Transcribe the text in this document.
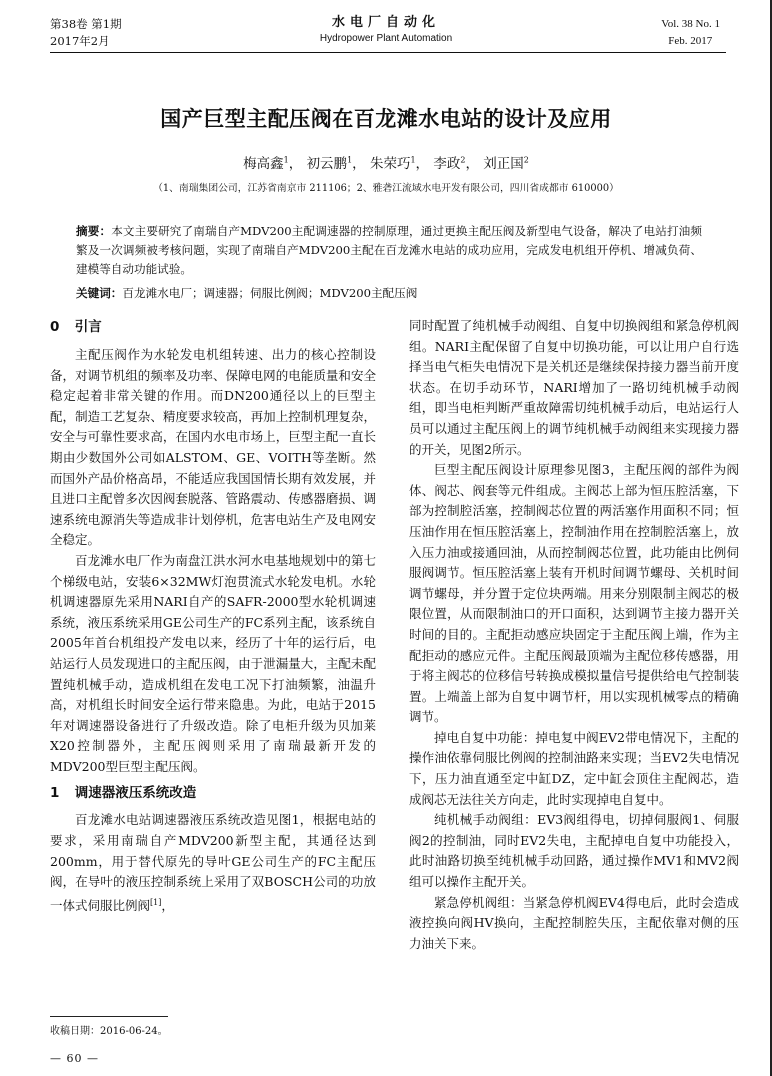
第38卷 第1期
2017年2月
水电厂自动化
Hydropower Plant Automation
Vol. 38 No. 1
Feb. 2017
国产巨型主配压阀在百龙滩水电站的设计及应用
梅高鑫$^1$， 初云鹏$^1$， 朱荣巧$^1$， 李政$^2$， 刘正国$^2$
（1、南瑞集团公司，江苏省南京市 211106；2、雅砻江流域水电开发有限公司，四川省成都市 610000）
摘要：本文主要研究了南瑞自产MDV200主配调速器的控制原理，通过更换主配压阀及新型电气设备，解决了电站打油频繁及一次调频被考核问题，实现了南瑞自产MDV200主配在百龙滩水电站的成功应用，完成发电机组开停机、增减负荷、建模等自动功能试验。
关键词：百龙滩水电厂；调速器；伺服比例阀；MDV200主配压阀
0 引言

主配压阀作为水轮发电机组转速、出力的核心控制设备，对调节机组的频率及功率、保障电网的电能质量和安全稳定起着非常关键的作用。而DN200通径以上的巨型主配，制造工艺复杂、精度要求较高，再加上控制机理复杂，安全与可靠性要求高，在国内水电市场上，巨型主配一直长期由少数国外公司如ALSTOM、GE、VOITH等垄断。然而国外产品价格高昂，不能适应我国国情长期有效发展，并且进口主配曾多次因阀套脱落、管路震动、传感器磨损、调速系统电源消失等造成非计划停机，危害电站生产及电网安全稳定。

百龙滩水电厂作为南盘江洪水河水电基地规划中的第七个梯级电站，安装6×32MW灯泡贯流式水轮发电机。水轮机调速器原先采用NARI自产的SAFR-2000型水轮机调速系统，液压系统采用GE公司生产的FC系列主配，该系统自2005年首台机组投产发电以来，经历了十年的运行后，电站运行人员发现进口的主配压阀，由于泄漏量大，主配未配置纯机械手动，造成机组在发电工况下打油频繁，油温升高，对机组长时间安全运行带来隐患。为此，电站于2015年对调速器设备进行了升级改造。除了电柜升级为贝加莱X20控制器外，主配压阀则采用了南瑞最新开发的MDV200型巨型主配压阀。

1 调速器液压系统改造

百龙滩水电站调速器液压系统改造见图1，根据电站的要求，采用南瑞自产MDV200新型主配，其通径达到200mm，用于替代原先的导叶GE公司生产的FC主配压阀，在导叶的液压控制系统上采用了双BOSCH公司的功放一体式伺服比例阀[1]，

同时配置了纯机械手动阀组、自复中切换阀组和紧急停机阀组。NARI主配保留了自复中切换功能，可以让用户自行选择当电气柜失电情况下是关机还是继续保持接力器当前开度状态。在切手动环节，NARI增加了一路切纯机械手动阀组，即当电柜判断严重故障需切纯机械手动后，电站运行人员可以通过主配压阀上的调节纯机械手动阀组来实现接力器的开关，见图2所示。

巨型主配压阀设计原理参见图3，主配压阀的部件为阀体、阀芯、阀套等元件组成。主阀芯上部为恒压腔活塞，下部为控制腔活塞，控制阀芯位置的两活塞作用面积不同；恒压油作用在恒压腔活塞上，控制油作用在控制腔活塞上，放入压力油或接通回油，从而控制阀芯位置，此功能由比例伺服阀调节。恒压腔活塞上装有开机时间调节螺母、关机时间调节螺母，并分置于定位块两端。用来分别限制主阀芯的极限位置，从而限制油口的开口面积，达到调节主接力器开关时间的目的。主配拒动感应块固定于主配压阀上端，作为主配拒动的感应元件。主配压阀最顶端为主配位移传感器，用于将主阀芯的位移信号转换成模拟量信号提供给电气控制装置。上端盖上部为自复中调节杆，用以实现机械零点的精确调节。

掉电自复中功能：掉电复中阀EV2带电情况下，主配的操作油依靠伺服比例阀的控制油路来实现；当EV2失电情况下，压力油直通至定中缸DZ，定中缸会顶住主配阀芯，造成阀芯无法往关方向走，此时实现掉电自复中。

纯机械手动阀组：EV3阀组得电，切掉伺服阀1、伺服阀2的控制油，同时EV2失电，主配掉电自复中功能投入，此时油路切换至纯机械手动回路，通过操作MV1和MV2阀组可以操作主配开关。

紧急停机阀组：当紧急停机阀EV4得电后，此时会造成液控换向阀HV换向，主配控制腔失压，主配依靠对侧的压力油关下来。

收稿日期：2016-06-24。
— 60 —
